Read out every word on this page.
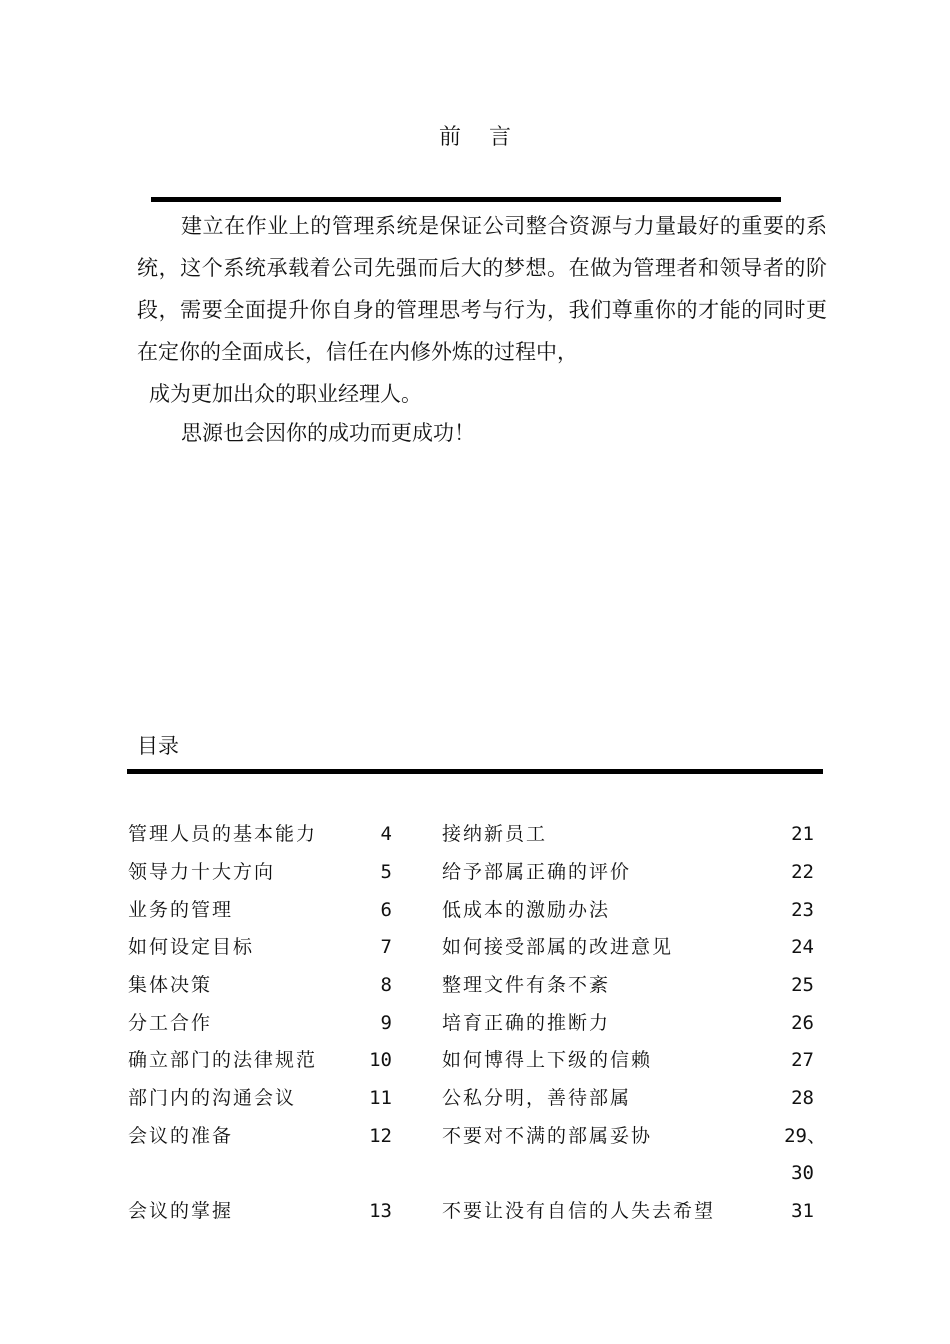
前言
建立在作业上的管理系统是保证公司整合资源与力量最好的重要的系统，这个系统承载着公司先强而后大的梦想。在做为管理者和领导者的阶段，需要全面提升你自身的管理思考与行为，我们尊重你的才能的同时更在定你的全面成长，信任在内修外炼的过程中，
成为更加出众的职业经理人。
思源也会因你的成功而更成功！
目录
管理人员的基本能力	4
领导力十大方向	5
业务的管理	6
如何设定目标	7
集体决策	8
分工合作	9
确立部门的法律规范	10
部门内的沟通会议	11
会议的准备	12
会议的掌握	13
接纳新员工	21
给予部属正确的评价	22
低成本的激励办法	23
如何接受部属的改进意见	24
整理文件有条不紊	25
培育正确的推断力	26
如何博得上下级的信赖	27
公私分明，善待部属	28
不要对不满的部属妥协	29、
30
不要让没有自信的人失去希望	31
